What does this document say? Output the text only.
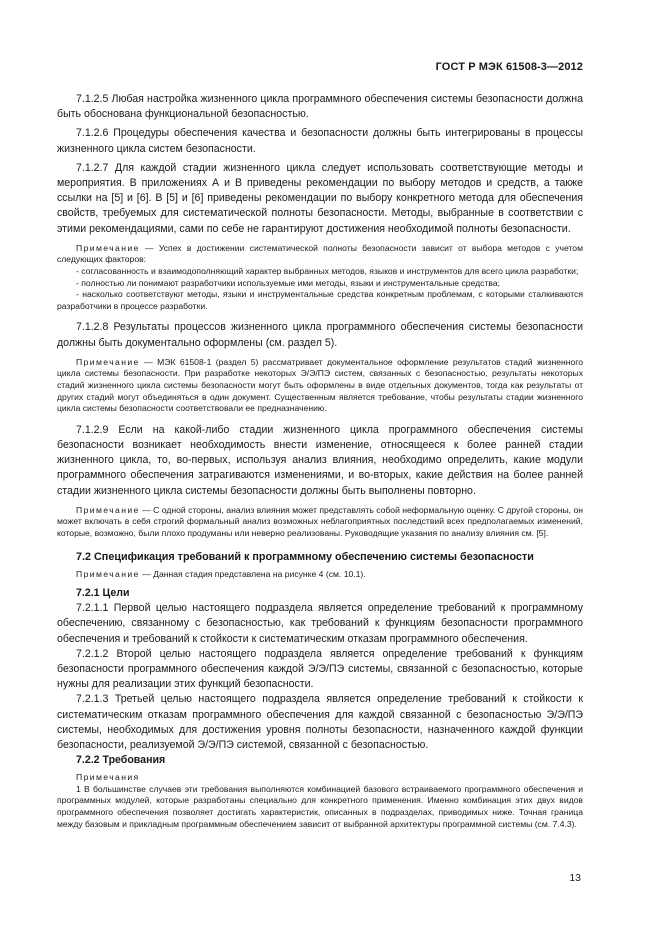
ГОСТ Р МЭК 61508-3—2012

7.1.2.5 Любая настройка жизненного цикла программного обеспечения системы безопасности должна быть обоснована функциональной безопасностью.

7.1.2.6 Процедуры обеспечения качества и безопасности должны быть интегрированы в процессы жизненного цикла систем безопасности.

7.1.2.7 Для каждой стадии жизненного цикла следует использовать соответствующие методы и мероприятия. В приложениях А и В приведены рекомендации по выбору методов и средств, а также ссылки на [5] и [6]. В [5] и [6] приведены рекомендации по выбору конкретного метода для обеспечения свойств, требуемых для систематической полноты безопасности. Методы, выбранные в соответствии с этими рекомендациями, сами по себе не гарантируют достижения необходимой полноты безопасности.

Примечание — Успех в достижении систематической полноты безопасности зависит от выбора методов с учетом следующих факторов:

- согласованность и взаимодополняющий характер выбранных методов, языков и инструментов для всего цикла разработки;

- полностью ли понимают разработчики используемые ими методы, языки и инструментальные средства;

- насколько соответствуют методы, языки и инструментальные средства конкретным проблемам, с которыми сталкиваются разработчики в процессе разработки.

7.1.2.8 Результаты процессов жизненного цикла программного обеспечения системы безопасности должны быть документально оформлены (см. раздел 5).

Примечание — МЭК 61508-1 (раздел 5) рассматривает документальное оформление результатов стадий жизненного цикла системы безопасности. При разработке некоторых Э/Э/ПЭ систем, связанных с безопасностью, результаты некоторых стадий жизненного цикла системы безопасности могут быть оформлены в виде отдельных документов, тогда как результаты от других стадий могут объединяться в один документ. Существенным является требование, чтобы результаты стадии жизненного цикла системы безопасности соответствовали ее предназначению.

7.1.2.9 Если на какой-либо стадии жизненного цикла программного обеспечения системы безопасности возникает необходимость внести изменение, относящееся к более ранней стадии жизненного цикла, то, во-первых, используя анализ влияния, необходимо определить, какие модули программного обеспечения затрагиваются изменениями, и во-вторых, какие действия на более ранней стадии жизненного цикла системы безопасности должны быть выполнены повторно.

Примечание — С одной стороны, анализ влияния может представлять собой неформальную оценку. С другой стороны, он может включать в себя строгий формальный анализ возможных неблагоприятных последствий всех предполагаемых изменений, которые, возможно, были плохо продуманы или неверно реализованы. Руководящие указания по анализу влияния см. [5].

7.2 Спецификация требований к программному обеспечению системы безопасности

Примечание — Данная стадия представлена на рисунке 4 (см. 10.1).

7.2.1 Цели

7.2.1.1 Первой целью настоящего подраздела является определение требований к программному обеспечению, связанному с безопасностью, как требований к функциям безопасности программного обеспечения и требований к стойкости к систематическим отказам программного обеспечения.

7.2.1.2 Второй целью настоящего подраздела является определение требований к функциям безопасности программного обеспечения каждой Э/Э/ПЭ системы, связанной с безопасностью, которые нужны для реализации этих функций безопасности.

7.2.1.3 Третьей целью настоящего подраздела является определение требований к стойкости к систематическим отказам программного обеспечения для каждой связанной с безопасностью Э/Э/ПЭ системы, необходимых для достижения уровня полноты безопасности, назначенного каждой функции безопасности, реализуемой Э/Э/ПЭ системой, связанной с безопасностью.

7.2.2 Требования

Примечания

1 В большинстве случаев эти требования выполняются комбинацией базового встраиваемого программного обеспечения и программных модулей, которые разработаны специально для конкретного применения. Именно комбинация этих двух видов программного обеспечения позволяет достигать характеристик, описанных в подразделах, приводимых ниже. Точная граница между базовым и прикладным программным обеспечением зависит от выбранной архитектуры программной системы (см. 7.4.3).

13
